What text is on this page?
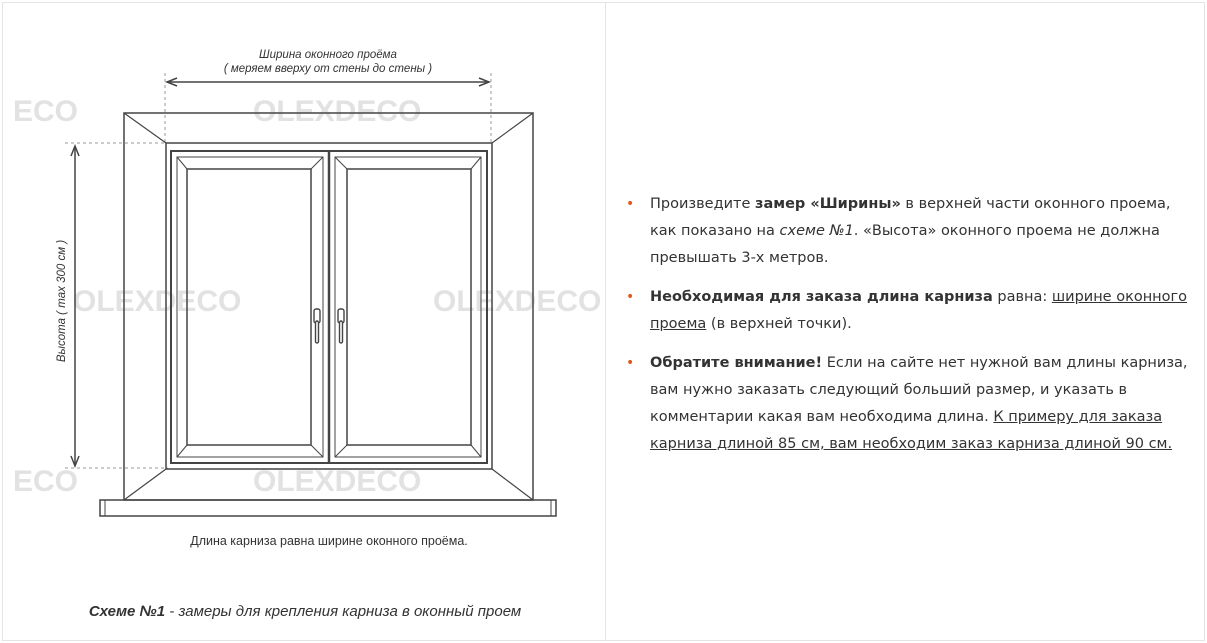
OLEXDECO
ECO
OLEXDECO	OLEXDECO
OLEXDECO
ECO
Ширина оконного проёма
( меряем вверху от стены до стены )
Высота ( max 300 см )
Длина карниза равна ширине оконного проёма.
Схеме №1 - замеры для крепления карниза в оконный проем
• Произведите замер «Ширины» в верхней части оконного проема, как показано на схеме №1. «Высота» оконного проема не должна превышать 3-х метров.
• Необходимая для заказа длина карниза равна: ширине оконного проема (в верхней точки).
• Обратите внимание! Если на сайте нет нужной вам длины карниза, вам нужно заказать следующий больший размер, и указать в комментарии какая вам необходима длина. К примеру для заказа карниза длиной 85 см, вам необходим заказ карниза длиной 90 см.
